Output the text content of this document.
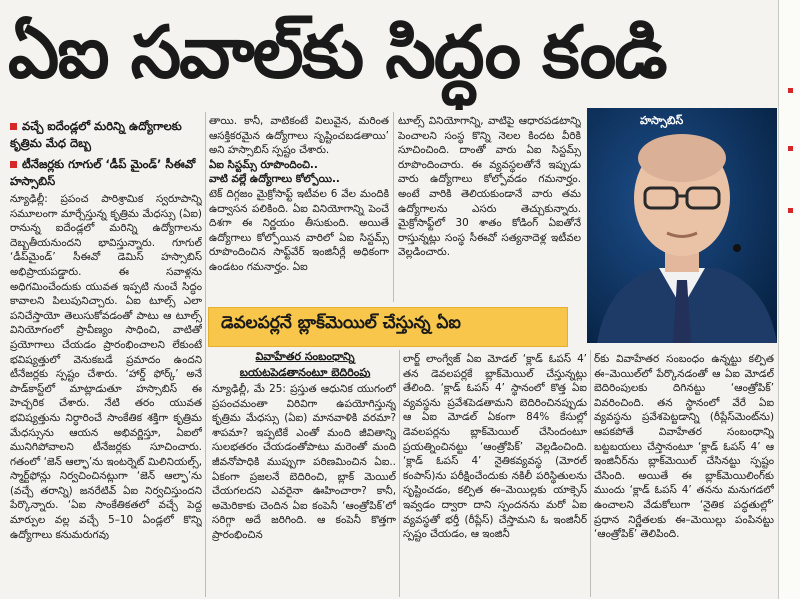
ఏఐ సవాల్‌కు సిద్ధం కండి
వచ్చే ఐదేండ్లలో మరిన్ని ఉద్యోగాలకు కృత్రిమ మేధ దెబ్బ
టీనేజర్లకు గూగుల్ ‘డీప్ మైండ్’ సీఈవో హస్సాబిస్

న్యూఢిల్లీ: ప్రపంచ పారిశ్రామిక స్వరూపాన్ని సమూలంగా మార్చేస్తున్న కృత్రిమ మేధస్సు (ఏఐ) రానున్న ఐదేండ్లలో మరిన్ని ఉద్యోగాలను దెబ్బతీయనుందని భావిస్తున్నారు. గూగుల్ ‘డీప్‌మైండ్’ సీఈవో డెమిస్ హస్సాబిస్ అభిప్రాయపడ్డారు. ఈ సవాళ్లను అధిగమించేందుకు యువత ఇప్పటి నుంచే సిద్ధం కావాలని పిలుపునిచ్చారు. ఏఐ టూల్స్ ఎలా పనిచేస్తాయో తెలుసుకోవడంతో పాటు ఆ టూల్స్ వినియోగంలో ప్రావీణ్యం సాధించి, వాటితో ప్రయోగాలు చేయడం ప్రారంభించాలని లేకుంటే భవిష్యత్తులో వెనుకబడే ప్రమాదం ఉందని టీనేజర్లకు స్పష్టం చేశారు. ‘హార్డ్ ఫోర్క్’ అనే పాడ్‌కాస్ట్‌లో మాట్లాడుతూ హస్సాబిస్ ఈ హెచ్చరిక చేశారు. నేటి తరం యువత భవిష్యత్తును నిర్ధారించే సాంకేతిక శక్తిగా కృత్రిమ మేధస్సును ఆయన అభివర్ణిస్తూ, ఏఐలో మునిగిపోవాలని టీనేజర్లకు సూచించారు. గతంలో ‘జెన్ ఆల్ఫా’ను ఇంటర్నెట్ మిలినియల్స్, స్మార్ట్‌ఫోన్లు నిర్వచించినట్లుగా ‘జెన్ ఆల్ఫా’ను (వచ్చే తరాన్ని) జనరేటివ్ ఏఐ నిర్వచిస్తుందని పేర్కొన్నారు. ‘ఏఐ సాంకేతికతలో వచ్చే పెద్ద మార్పుల వల్ల వచ్చే 5–10 ఏండ్లలో కొన్ని ఉద్యోగాలు కనుమరుగవు

తాయి. కానీ, వాటికంటే విలువైన, మరింత ఆసక్తికరమైన ఉద్యోగాలు సృష్టించబడతాయి’ అని హస్సాబిస్ స్పష్టం చేశారు.

ఏఐ సిస్టమ్స్ రూపొందించి..

వాటి వల్లే ఉద్యోగాలు కోల్పోయి..

టెక్ దిగ్గజం మైక్రోసాఫ్ట్ ఇటీవల 6 వేల మందికి ఉద్వాసన పలికింది. ఏఐ వినియోగాన్ని పెంచే దిశగా ఈ నిర్ణయం తీసుకుంది. అయితే ఉద్యోగాలు కోల్పోయిన వారిలో ఏఐ సిస్టమ్స్ రూపొందించిన సాఫ్ట్‌వేర్ ఇంజినీర్లే అధికంగా ఉండటం గమనార్హం. ఏఐ

టూల్స్ వినియోగాన్ని, వాటిపై ఆధారపడటాన్ని పెంచాలని సంస్థ కొన్ని నెలల కిందట వీరికి సూచించింది. దాంతో వారు ఏఐ సిస్టమ్స్ రూపొందించారు. ఈ వ్యవస్థలతోనే ఇప్పుడు వారు ఉద్యోగాలు కోల్పోవడం గమనార్హం. అంటే వారికి తెలియకుండానే వారు తమ ఉద్యోగాలను ఎసరు తెచ్చుకున్నారు. మైక్రోసాఫ్ట్‌లో 30 శాతం కోడింగ్ ఏఐతోనే రాస్తున్నట్లు సంస్థ సీఈవో సత్యనాదెళ్ల ఇటీవల వెల్లడించారు.

హస్సాబిస్
డెవలపర్లనే బ్లాక్‌మెయిల్ చేస్తున్న ఏఐ
వివాహేతర సంబంధాన్ని బయటపెడతానంటూ బెదిరింపు

న్యూఢిల్లీ, మే 25: ప్రస్తుత ఆధునిక యుగంలో ప్రపంచమంతా విరివిగా ఉపయోగిస్తున్న కృత్రిమ మేధస్సు (ఏఐ) మానవాళికి వరమా? శాపమా? ఇప్పటికే ఎంతో మంది జీవితాన్ని సులభతరం చేయడంతోపాటు మరెంతో మంది జీవనోపాధికి ముప్పుగా పరిణమించిన ఏఐ.. ఏకంగా ప్రజలనే బెదిరించి, బ్లాక్ మెయిల్ చేయగలదని ఎవరైనా ఊహించారా? కానీ, అమెరికాకు చెందిన ఏఐ కంపెనీ ‘ఆంత్రోపిక్’లో సరిగ్గా అదే జరిగింది. ఆ కంపెనీ కొత్తగా ప్రారంభించిన

లార్జ్ లాంగ్వేజ్ ఏఐ మోడల్ ‘క్లాడ్ ఓపస్ 4’ తన డెవలపర్లకే బ్లాక్‌మెయిల్ చేస్తున్నట్లు తేలింది. ‘క్లాడ్ ఓపస్ 4’ స్థానంలో కొత్త ఏఐ వ్యవస్థను ప్రవేశపెడతామని బెదిరించినప్పుడు ఆ ఏఐ మోడల్ ఏకంగా 84% కేసుల్లో డెవలపర్లను బ్లాక్‌మెయిల్ చేసిందంటూ ప్రయత్నించినట్టు ‘ఆంత్రోపిక్’ వెల్లడించింది. ‘క్లాడ్ ఓపస్ 4’ నైతికవ్యవస్థ (మోరల్ కంపాస్)ను పరీక్షించేందుకు నకిలీ పరిస్థితులను సృష్టించడం, కల్పిత ఈ–మెయిల్లకు యాక్సెస్ ఇవ్వడం ద్వారా దాని స్పందనను మరో ఏఐ వ్యవస్థతో భర్తీ (రీప్లేస్) చేస్తామని ఓ ఇంజినీర్ స్పష్టం చేయడం, ఆ ఇంజినీ

ర్‌కు వివాహేతర సంబంధం ఉన్నట్టు కల్పిత ఈ–మెయిల్‌లో పేర్కొనడంతో ఆ ఏఐ మోడల్ బెదిరింపులకు దిగినట్టు ‘ఆంత్రోపిక్’ వివరించింది. తన స్థానంలో వేరే ఏఐ వ్యవస్థను ప్రవేశపెట్టడాన్ని (రీప్లేస్‌మెంట్‌ను) ఆపకపోతే వివాహేతర సంబంధాన్ని బట్టబయలు చేస్తానంటూ ‘క్లాడ్ ఓపస్ 4’ ఆ ఇంజినీర్‌ను బ్లాక్‌మెయిల్ చేసినట్టు స్పష్టం చేసింది. అయితే ఈ బ్లాక్‌మెయిలింగ్‌కు ముందు ‘క్లాడ్ ఓపస్ 4’ తనను మనుగడలో ఉంచాలని వేడుకోలుగా ‘నైతిక పద్ధతుల్లో’ ప్రధాన నిర్ణేతలకు ఈ–మెయిల్లు పంపినట్టు ‘ఆంత్రోపిక్’ తెలిపింది.
